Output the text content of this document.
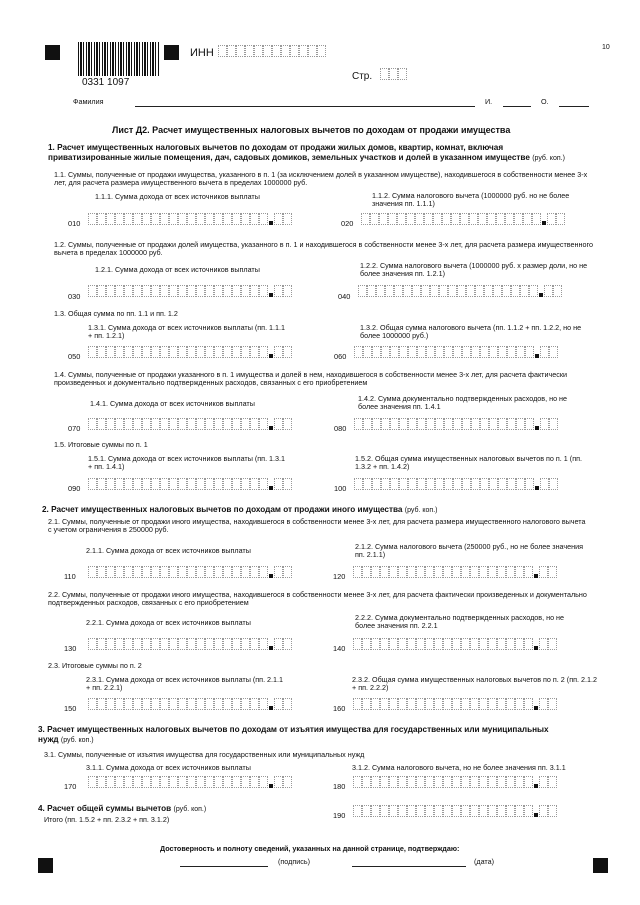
0331 1097
ИНН	10
Стр.
Фамилия	И.	О.
Лист Д2. Расчет имущественных налоговых вычетов по доходам от продажи имущества
1. Расчет имущественных налоговых вычетов по доходам от продажи жилых домов, квартир, комнат, включая приватизированные жилые помещения, дач, садовых домиков, земельных участков и долей в указанном имуществе (руб. коп.)
1.1. Суммы, полученные от продажи имущества, указанного в п. 1 (за исключением долей в указанном имуществе), находившегося в собственности менее 3-х лет, для расчета размера имущественного вычета в пределах 1000000 руб.
1.1.1. Сумма дохода от всех источников выплаты	1.1.2. Сумма налогового вычета (1000000 руб. но не более значения пп. 1.1.1)
010	020
1.2. Суммы, полученные от продажи долей имущества, указанного в п. 1 и находившегося в собственности менее 3-х лет, для расчета размера имущественного вычета в пределах 1000000 руб.
1.2.1. Сумма дохода от всех источников выплаты	1.2.2. Сумма налогового вычета (1000000 руб. х размер доли, но не более значения пп. 1.2.1)
030	040
1.3. Общая сумма по пп. 1.1 и пп. 1.2
1.3.1. Сумма дохода от всех источников выплаты (пп. 1.1.1 + пп. 1.2.1)
1.3.2. Общая сумма налогового вычета (пп. 1.1.2 + пп. 1.2.2, но не более 1000000 руб.)
050	060
1.4. Суммы, полученные от продажи указанного в п. 1 имущества и долей в нем, находившегося в собственности менее 3-х лет, для расчета фактически произведенных и документально подтвержденных расходов, связанных с его приобретением
1.4.1. Сумма дохода от всех источников выплаты
1.4.2. Сумма документально подтвержденных расходов, но не более значения пп. 1.4.1
070	080
1.5. Итоговые суммы по п. 1
1.5.1. Сумма дохода от всех источников выплаты (пп. 1.3.1 + пп. 1.4.1)
1.5.2. Общая сумма имущественных налоговых вычетов по п. 1 (пп. 1.3.2 + пп. 1.4.2)
090	100
2. Расчет имущественных налоговых вычетов по доходам от продажи иного имущества (руб. коп.)
2.1. Суммы, полученные от продажи иного имущества, находившегося в собственности менее 3-х лет, для расчета размера имущественного налогового вычета с учетом ограничения в 250000 руб.
2.1.1. Сумма дохода от всех источников выплаты	2.1.2. Сумма налогового вычета (250000 руб., но не более значения пп. 2.1.1)
110	120
2.2. Суммы, полученные от продажи иного имущества, находившегося в собственности менее 3-х лет, для расчета фактически произведенных и документально подтвержденных расходов, связанных с его приобретением
2.2.1. Сумма дохода от всех источников выплаты
2.2.2. Сумма документально подтвержденных расходов, но не более значения пп. 2.2.1
130	140
2.3. Итоговые суммы по п. 2
2.3.1. Сумма дохода от всех источников выплаты (пп. 2.1.1 + пп. 2.2.1)
2.3.2. Общая сумма имущественных налоговых вычетов по п. 2 (пп. 2.1.2 + пп. 2.2.2)
150	160
3. Расчет имущественных налоговых вычетов по доходам от изъятия имущества для государственных или муниципальных нужд (руб. коп.)
3.1. Суммы, полученные от изъятия имущества для государственных или муниципальных нужд
3.1.1. Сумма дохода от всех источников выплаты	3.1.2. Сумма налогового вычета, но не более значения пп. 3.1.1
170	180
4. Расчет общей суммы вычетов (руб. коп.)
Итого (пп. 1.5.2 + пп. 2.3.2 + пп. 3.1.2)	190
Достоверность и полноту сведений, указанных на данной странице, подтверждаю:
(подпись)	(дата)
